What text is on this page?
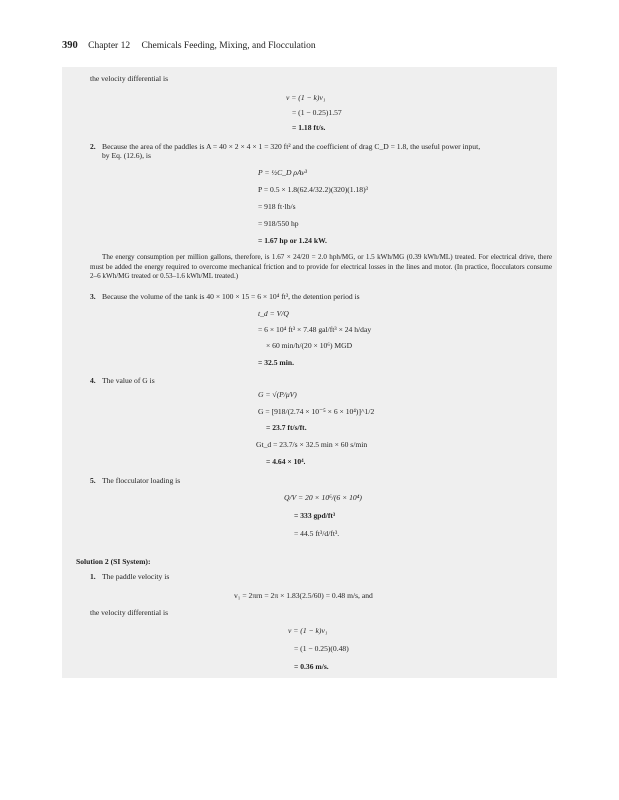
390 Chapter 12 Chemicals Feeding, Mixing, and Flocculation
the velocity differential is
v = (1 − k)v₁
= (1 − 0.25)1.57
= 1.18 ft/s.
2. Because the area of the paddles is A = 40 × 2 × 4 × 1 = 320 ft² and the coefficient of drag C_D = 1.8, the useful power input,
by Eq. (12.6), is
P = ½C_D ρAv³
P = 0.5 × 1.8(62.4/32.2)(320)(1.18)³
= 918 ft·lb/s
= 918/550 hp
= 1.67 hp or 1.24 kW.
The energy consumption per million gallons, therefore, is 1.67 × 24/20 = 2.0 hph/MG, or 1.5 kWh/MG (0.39 kWh/ML) treated. For electrical drive, there must be added the energy required to overcome mechanical friction and to provide for electrical losses in the lines and motor. (In practice, flocculators consume 2–6 kWh/MG treated or 0.53–1.6 kWh/ML treated.)
3. Because the volume of the tank is 40 × 100 × 15 = 6 × 10⁴ ft³, the detention period is
t_d = V/Q
= 6 × 10⁴ ft³ × 7.48 gal/ft³ × 24 h/day
× 60 min/h/(20 × 10⁶) MGD
= 32.5 min.
4. The value of G is
G = √(P/μV)
G = [918/(2.74 × 10⁻⁵ × 6 × 10⁴)]^1/2
= 23.7 ft/s/ft.
Gt_d = 23.7/s × 32.5 min × 60 s/min
= 4.64 × 10⁴.
5. The flocculator loading is
Q/V = 20 × 10⁶/(6 × 10⁴)
= 333 gpd/ft³
= 44.5 ft³/d/ft³.
Solution 2 (SI System):
1. The paddle velocity is
v₁ = 2πrn = 2π × 1.83(2.5/60) = 0.48 m/s, and
the velocity differential is
v = (1 − k)v₁
= (1 − 0.25)(0.48)
= 0.36 m/s.
